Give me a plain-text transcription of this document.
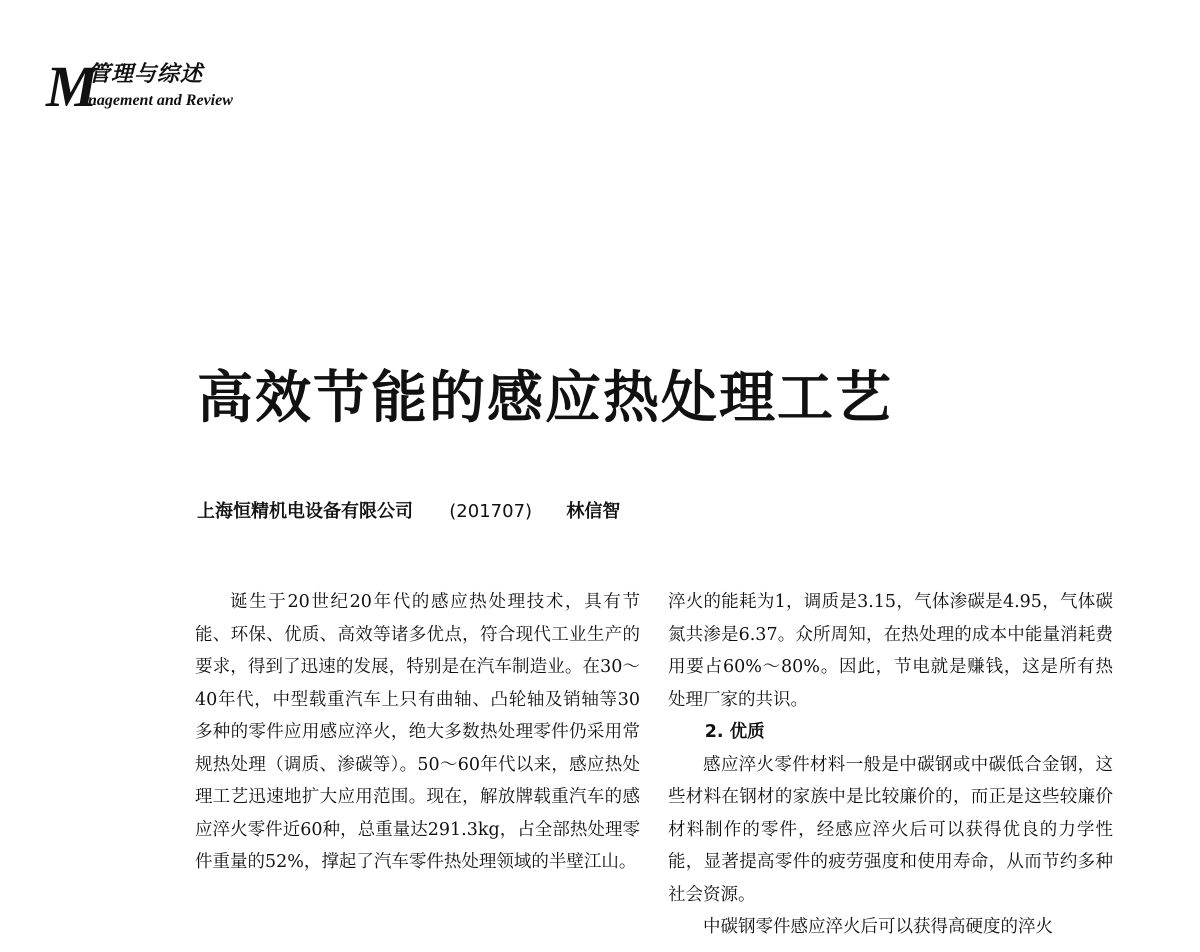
M
管理与综述
anagement and Review
高效节能的感应热处理工艺
上海恒精机电设备有限公司 (201707) 林信智

诞生于20世纪20年代的感应热处理技术，具有节能、环保、优质、高效等诸多优点，符合现代工业生产的要求，得到了迅速的发展，特别是在汽车制造业。在30～40年代，中型载重汽车上只有曲轴、凸轮轴及销轴等30多种的零件应用感应淬火，绝大多数热处理零件仍采用常规热处理（调质、渗碳等）。50～60年代以来，感应热处理工艺迅速地扩大应用范围。现在，解放牌载重汽车的感应淬火零件近60种，总重量达291.3kg，占全部热处理零件重量的52%，撑起了汽车零件热处理领域的半壁江山。

淬火的能耗为1，调质是3.15，气体渗碳是4.95，气体碳氮共渗是6.37。众所周知，在热处理的成本中能量消耗费用要占60%～80%。因此，节电就是赚钱，这是所有热处理厂家的共识。

2. 优质

感应淬火零件材料一般是中碳钢或中碳低合金钢，这些材料在钢材的家族中是比较廉价的，而正是这些较廉价材料制作的零件，经感应淬火后可以获得优良的力学性能，显著提高零件的疲劳强度和使用寿命，从而节约多种社会资源。

中碳钢零件感应淬火后可以获得高硬度的淬火
